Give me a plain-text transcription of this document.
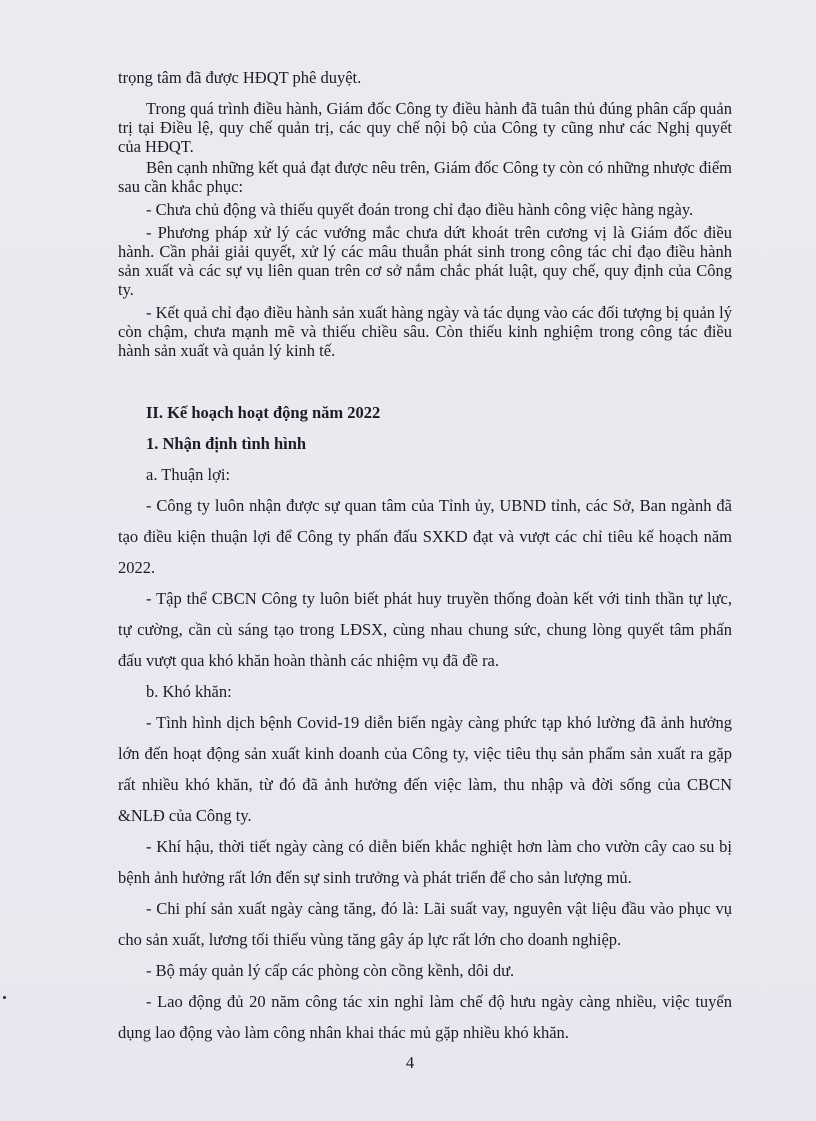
trọng tâm đã được HĐQT phê duyệt.

Trong quá trình điều hành, Giám đốc Công ty điều hành đã tuân thủ đúng phân cấp quản trị tại Điều lệ, quy chế quản trị, các quy chế nội bộ của Công ty cũng như các Nghị quyết của HĐQT.

Bên cạnh những kết quả đạt được nêu trên, Giám đốc Công ty còn có những nhược điểm sau cần khắc phục:

- Chưa chủ động và thiếu quyết đoán trong chỉ đạo điều hành công việc hàng ngày.

- Phương pháp xử lý các vướng mắc chưa dứt khoát trên cương vị là Giám đốc điều hành. Cần phải giải quyết, xử lý các mâu thuẫn phát sinh trong công tác chỉ đạo điều hành sản xuất và các sự vụ liên quan trên cơ sở nắm chắc phát luật, quy chế, quy định của Công ty.

- Kết quả chỉ đạo điều hành sản xuất hàng ngày và tác dụng vào các đối tượng bị quản lý còn chậm, chưa mạnh mẽ và thiếu chiều sâu. Còn thiếu kinh nghiệm trong công tác điều hành sản xuất và quản lý kinh tế.

II. Kế hoạch hoạt động năm 2022

1. Nhận định tình hình

a. Thuận lợi:

- Công ty luôn nhận được sự quan tâm của Tỉnh ủy, UBND tỉnh, các Sở, Ban ngành đã tạo điều kiện thuận lợi để Công ty phấn đấu SXKD đạt và vượt các chỉ tiêu kế hoạch năm 2022.

- Tập thể CBCN Công ty luôn biết phát huy truyền thống đoàn kết với tinh thần tự lực, tự cường, cần cù sáng tạo trong LĐSX, cùng nhau chung sức, chung lòng quyết tâm phấn đấu vượt qua khó khăn hoàn thành các nhiệm vụ đã đề ra.

b. Khó khăn:

- Tình hình dịch bệnh Covid-19 diễn biến ngày càng phức tạp khó lường đã ảnh hưởng lớn đến hoạt động sản xuất kinh doanh của Công ty, việc tiêu thụ sản phẩm sản xuất ra gặp rất nhiều khó khăn, từ đó đã ảnh hưởng đến việc làm, thu nhập và đời sống của CBCN &NLĐ của Công ty.

- Khí hậu, thời tiết ngày càng có diễn biến khắc nghiệt hơn làm cho vườn cây cao su bị bệnh ảnh hưởng rất lớn đến sự sinh trưởng và phát triển để cho sản lượng mủ.

- Chi phí sản xuất ngày càng tăng, đó là: Lãi suất vay, nguyên vật liệu đầu vào phục vụ cho sản xuất, lương tối thiểu vùng tăng gây áp lực rất lớn cho doanh nghiệp.

- Bộ máy quản lý cấp các phòng còn cồng kềnh, dôi dư.

- Lao động đủ 20 năm công tác xin nghỉ làm chế độ hưu ngày càng nhiều, việc tuyển dụng lao động vào làm công nhân khai thác mủ gặp nhiều khó khăn.

4
